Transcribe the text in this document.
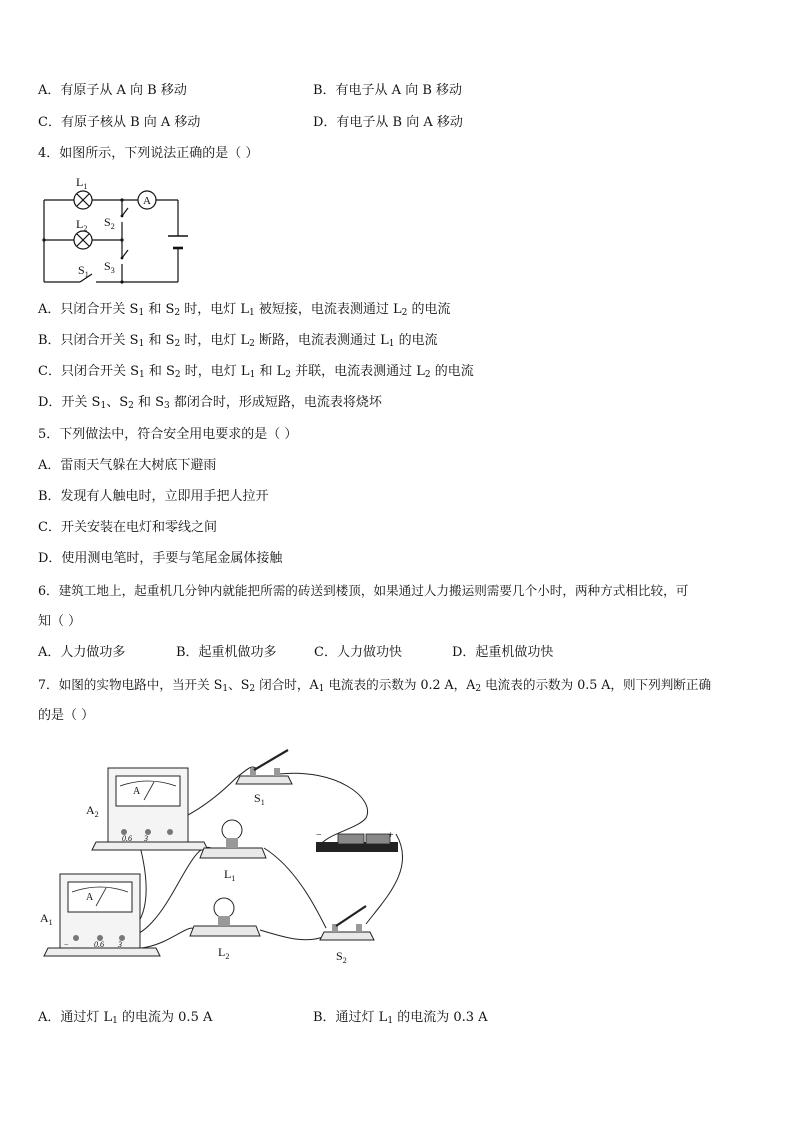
A．有原子从 A 向 B 移动	B．有电子从 A 向 B 移动
C．有原子核从 B 向 A 移动	D．有电子从 B 向 A 移动
4．如图所示，下列说法正确的是（ ）
A
$L_1$
$L_2$ $S_2$
$S_3$
$S_1$
A．只闭合开关 $S_1$ 和 $S_2$ 时，电灯 $L_1$ 被短接，电流表测通过 $L_2$ 的电流
B．只闭合开关 $S_1$ 和 $S_2$ 时，电灯 $L_2$ 断路，电流表测通过 $L_1$ 的电流
C．只闭合开关 $S_1$ 和 $S_2$ 时，电灯 $L_1$ 和 $L_2$ 并联，电流表测通过 $L_2$ 的电流
D．开关 $S_1$、$S_2$ 和 $S_3$ 都闭合时，形成短路，电流表将烧坏
5．下列做法中，符合安全用电要求的是（ ）
A．雷雨天气躲在大树底下避雨
B．发现有人触电时，立即用手把人拉开
C．开关安装在电灯和零线之间
D．使用测电笔时，手要与笔尾金属体接触
6．建筑工地上，起重机几分钟内就能把所需的砖送到楼顶，如果通过人力搬运则需要几个小时，两种方式相比较，可
知（ ）
A．人力做功多	B．起重机做功多	C．人力做功快	D．起重机做功快
7．如图的实物电路中，当开关 $S_1$、$S_2$ 闭合时，$A_1$ 电流表的示数为 0.2 A，$A_2$ 电流表的示数为 0.5 A，则下列判断正确
的是（ ）
A
$A_2$
A
$A_1$
−	0.6 3
0.6 3
$S_1$
$L_1$
$L_2$
−	+
$S_2$
A．通过灯 $L_1$ 的电流为 0.5 A	B．通过灯 $L_1$ 的电流为 0.3 A
